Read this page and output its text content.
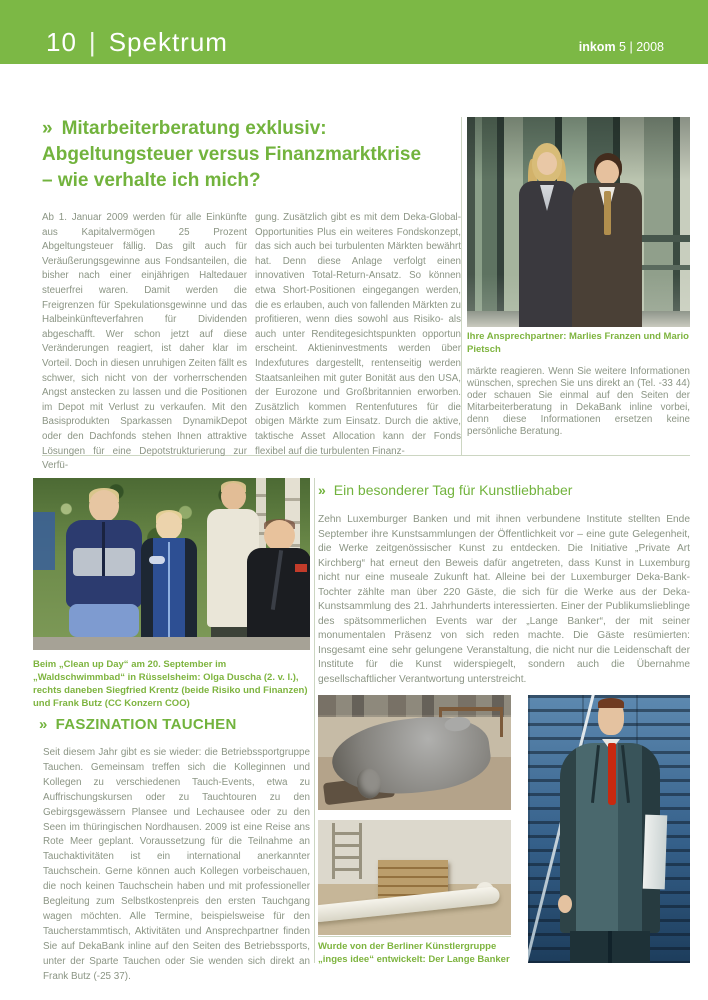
10 | Spektrum	inkom 5 | 2008
» Mitarbeiterberatung exklusiv:
Abgeltungsteuer versus Finanzmarktkrise
– wie verhalte ich mich?
Ab 1. Januar 2009 werden für alle Einkünfte aus Kapitalvermögen 25 Prozent Abgeltungsteuer fällig. Das gilt auch für Veräußerungsgewinne aus Fondsanteilen, die bisher nach einer einjährigen Haltedauer steuerfrei waren. Damit werden die Freigrenzen für Spekulationsgewinne und das Halbeinkünfteverfahren für Dividenden abgeschafft. Wer schon jetzt auf diese Veränderungen reagiert, ist daher klar im Vorteil. Doch in diesen unruhigen Zeiten fällt es schwer, sich nicht von der vorherrschenden Angst anstecken zu lassen und die Positionen im Depot mit Verlust zu verkaufen. Mit den Basisprodukten Sparkassen DynamikDepot oder den Dachfonds stehen Ihnen attraktive Lösungen für eine Depotstrukturierung zur Verfü-
gung. Zusätzlich gibt es mit dem Deka-Global-Opportunities Plus ein weiteres Fondskonzept, das sich auch bei turbulenten Märkten bewährt hat. Denn diese Anlage verfolgt einen innovativen Total-Return-Ansatz. So können etwa Short-Positionen eingegangen werden, die es erlauben, auch von fallenden Märkten zu profitieren, wenn dies sowohl aus Risiko- als auch unter Renditegesichtspunkten opportun erscheint. Aktieninvestments werden über Indexfutures dargestellt, rentenseitig werden Staatsanleihen mit guter Bonität aus den USA, der Eurozone und Großbritannien erworben. Zusätzlich kommen Rentenfutures für die obigen Märkte zum Einsatz. Durch die aktive, taktische Asset Allocation kann der Fonds flexibel auf die turbulenten Finanz-
Ihre Ansprechpartner: Marlies Franzen und Mario Pietsch
märkte reagieren. Wenn Sie weitere Informationen wünschen, sprechen Sie uns direkt an (Tel. -33 44) oder schauen Sie einmal auf den Seiten der Mitarbeiterberatung in DekaBank inline vorbei, denn diese Informationen ersetzen keine persönliche Beratung.
Beim „Clean up Day“ am 20. September im „Waldschwimmbad“ in Rüsselsheim: Olga Duscha (2. v. l.), rechts daneben Siegfried Krentz (beide Risiko und Finanzen) und Frank Butz (CC Konzern COO)
» FASZINATION TAUCHEN
Seit diesem Jahr gibt es sie wieder: die Betriebssportgruppe Tauchen. Gemeinsam treffen sich die Kolleginnen und Kollegen zu verschiedenen Tauch-Events, etwa zu Auffrischungskursen oder zu Tauchtouren zu den Gebirgsgewässern Plansee und Lechausee oder zu den Seen im thüringischen Nordhausen. 2009 ist eine Reise ans Rote Meer geplant. Voraussetzung für die Teilnahme an Tauchaktivitäten ist ein international anerkannter Tauchschein. Gerne können auch Kollegen vorbeischauen, die noch keinen Tauchschein haben und mit professioneller Begleitung zum Selbstkostenpreis den ersten Tauchgang wagen möchten. Alle Termine, beispielsweise für den Taucherstammtisch, Aktivitäten und Ansprechpartner finden Sie auf DekaBank inline auf den Seiten des Betriebssports, unter der Sparte Tauchen oder Sie wenden sich direkt an Frank Butz (-25 37).
» Ein besonderer Tag für Kunstliebhaber
Zehn Luxemburger Banken und mit ihnen verbundene Institute stellten Ende September ihre Kunstsammlungen der Öffentlichkeit vor – eine gute Gelegenheit, die Werke zeitgenössischer Kunst zu entdecken. Die Initiative „Private Art Kirchberg“ hat erneut den Beweis dafür angetreten, dass Kunst in Luxemburg nicht nur eine museale Zukunft hat. Alleine bei der Luxemburger Deka-Bank-Tochter zählte man über 220 Gäste, die sich für die Werke aus der Deka-Kunstsammlung des 21. Jahrhunderts interessierten. Einer der Publikumslieblinge des spätsommerlichen Events war der „Lange Banker“, der mit seiner monumentalen Präsenz von sich reden machte. Die Gäste resümierten: Insgesamt eine sehr gelungene Veranstaltung, die nicht nur die Leidenschaft der Institute für die Kunst widerspiegelt, sondern auch die Übernahme gesellschaftlicher Verantwortung unterstreicht.
Wurde von der Berliner Künstlergruppe „inges idee“ entwickelt: Der Lange Banker
